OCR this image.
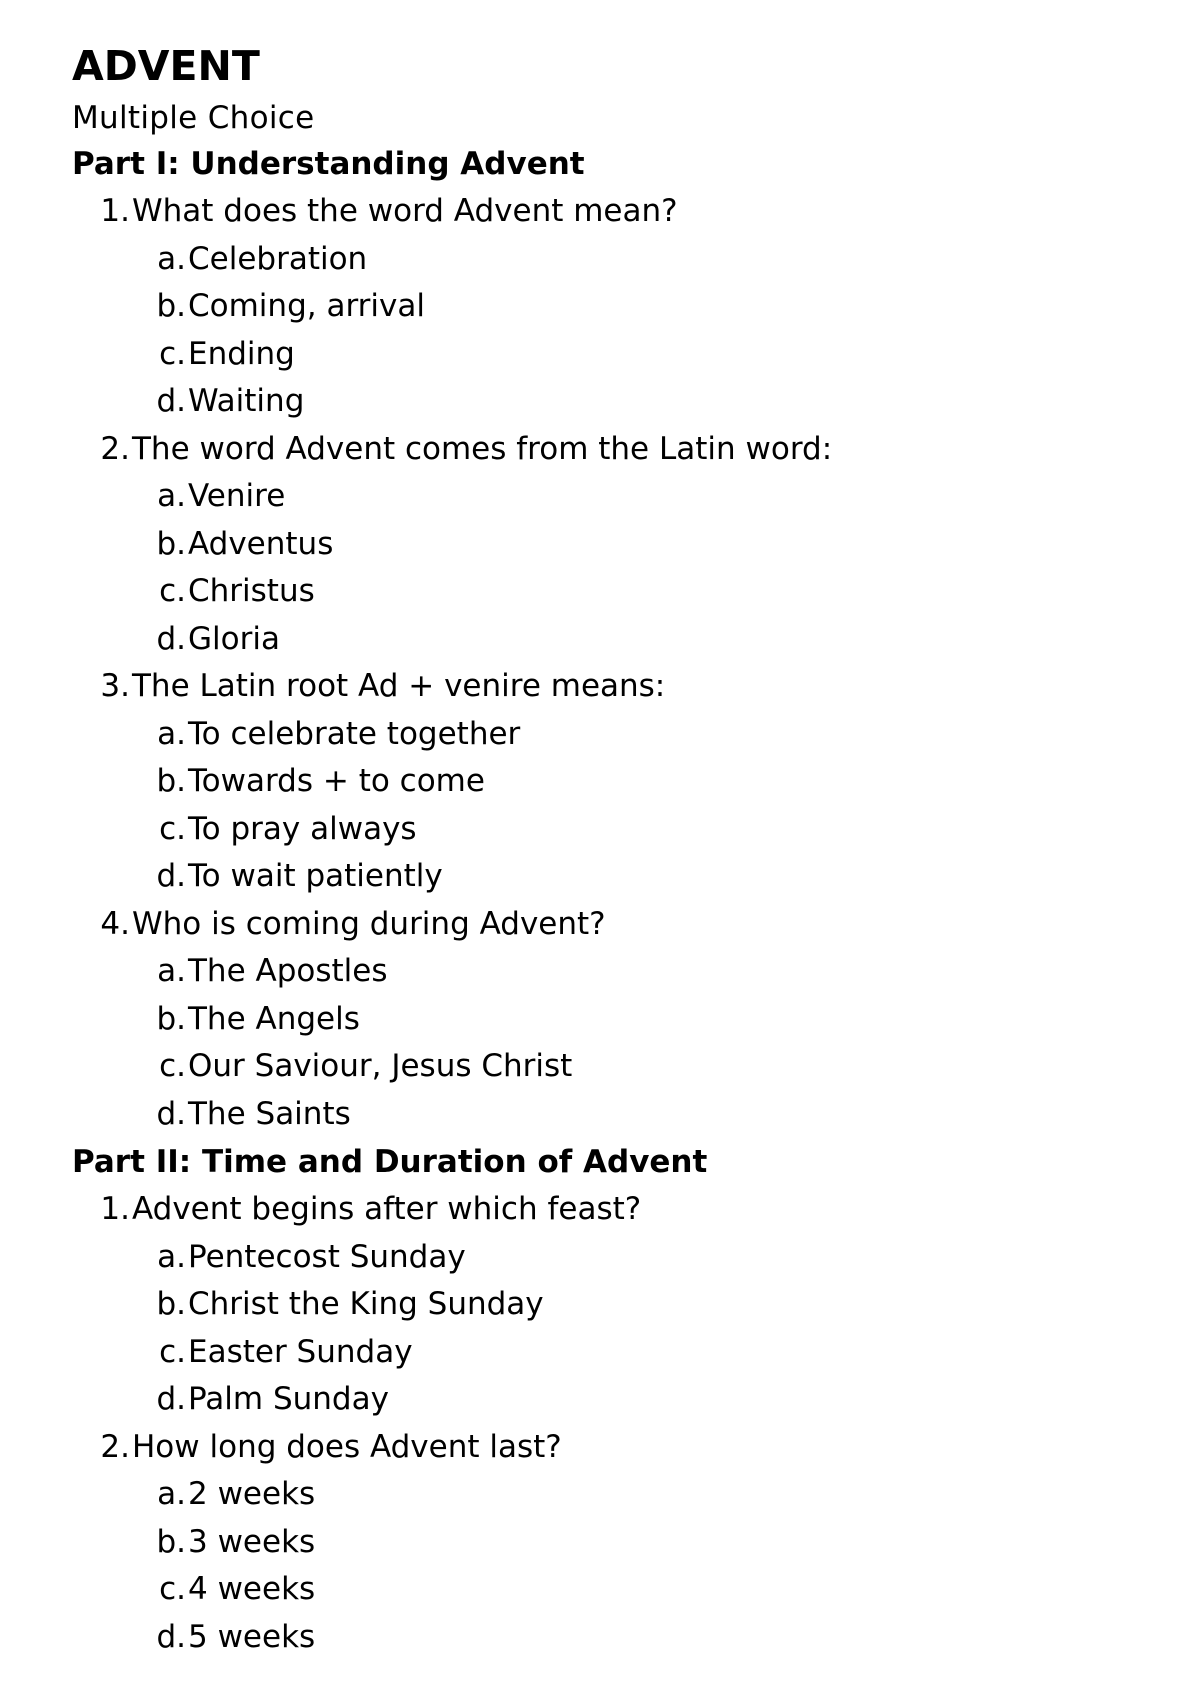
ADVENT
Multiple Choice
Part I: Understanding Advent
1. What does the word Advent mean?
a. Celebration
b. Coming, arrival
c. Ending
d. Waiting
2. The word Advent comes from the Latin word:
a. Venire
b. Adventus
c. Christus
d. Gloria
3. The Latin root Ad + venire means:
a. To celebrate together
b. Towards + to come
c. To pray always
d. To wait patiently
4. Who is coming during Advent?
a. The Apostles
b. The Angels
c. Our Saviour, Jesus Christ
d. The Saints
Part II: Time and Duration of Advent
1. Advent begins after which feast?
a. Pentecost Sunday
b. Christ the King Sunday
c. Easter Sunday
d. Palm Sunday
2. How long does Advent last?
a. 2 weeks
b. 3 weeks
c. 4 weeks
d. 5 weeks
